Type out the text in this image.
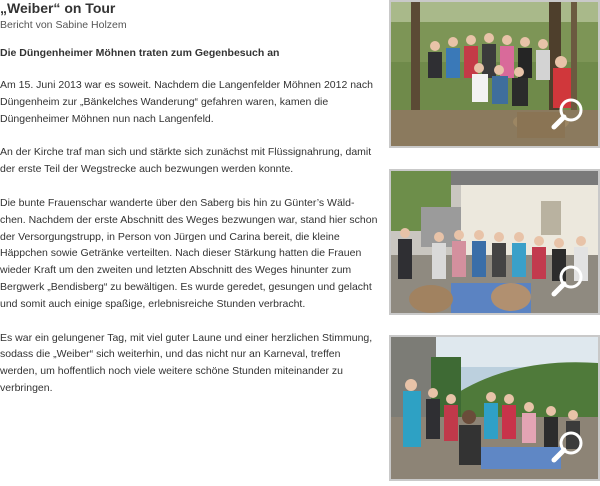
„Weiber“ on Tour
Bericht von Sabine Holzem
Die Düngenheimer Möhnen traten zum Gegenbesuch an

Am 15. Juni 2013 war es soweit. Nachdem die Langenfelder Möhnen 2012 nach Düngenheim zur „Bänkelches Wanderung“ gefahren waren, kamen die Düngenheimer Möhnen nun nach Langenfeld.

An der Kirche traf man sich und stärkte sich zunächst mit Flüssignahrung, damit der erste Teil der Wegstrecke auch bezwungen werden konnte.

Die bunte Frauenschar wanderte über den Saberg bis hin zu Günter’s Wäld-chen. Nachdem der erste Abschnitt des Weges bezwungen war, stand hier schon der Versorgungstrupp, in Person von Jürgen und Carina bereit, die kleine Häppchen sowie Getränke verteilten. Nach dieser Stärkung hatten die Frauen wieder Kraft um den zweiten und letzten Abschnitt des Weges hinunter zum Bergwerk „Bendisberg“ zu bewältigen. Es wurde geredet, gesungen und gelacht und somit auch einige spaßige, erlebnisreiche Stunden verbracht.

Es war ein gelungener Tag, mit viel guter Laune und einer herzlichen Stimmung, sodass die „Weiber“ sich weiterhin, und das nicht nur an Karneval, treffen werden, um hoffentlich noch viele weitere schöne Stunden miteinander zu verbringen.
